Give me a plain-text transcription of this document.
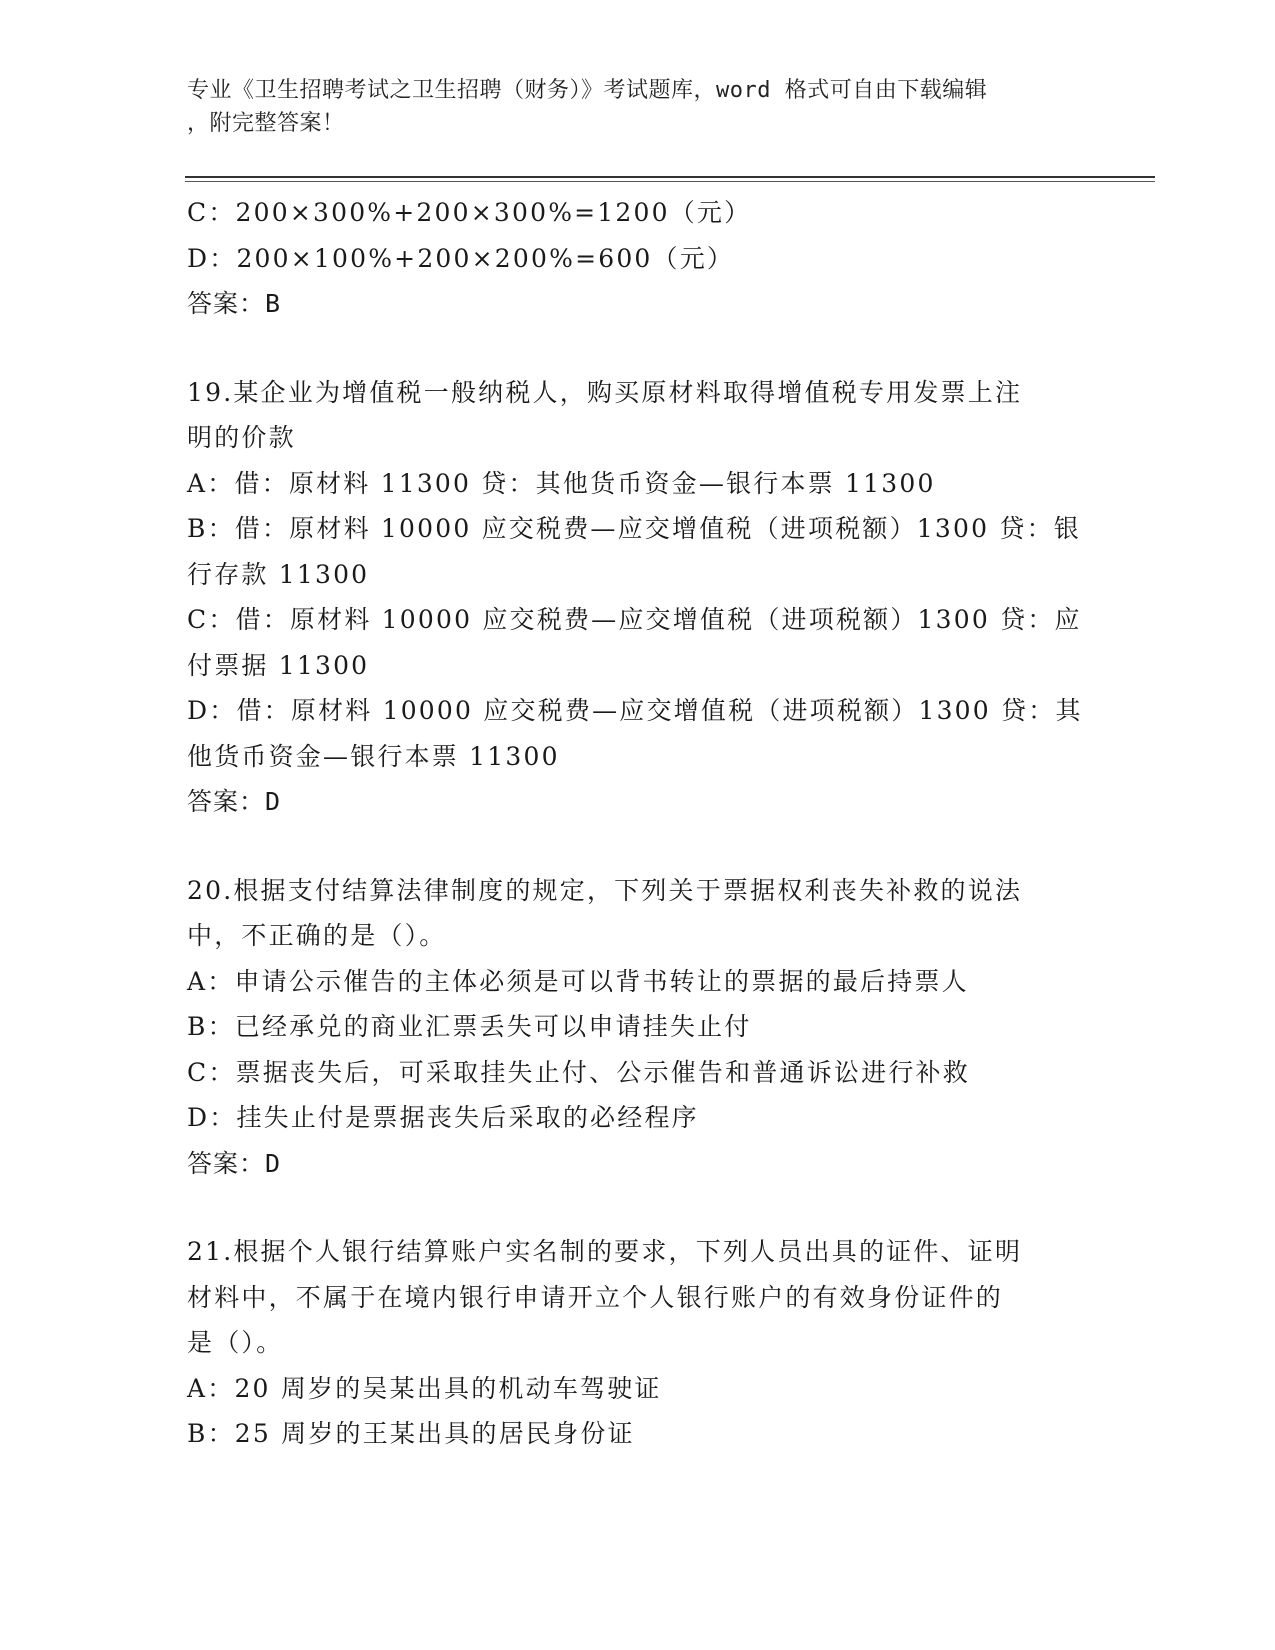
专业《卫生招聘考试之卫生招聘（财务）》考试题库，word 格式可自由下载编辑
，附完整答案！
C：200×300%+200×300%=1200（元）
D：200×100%+200×200%=600（元）
答案：B
19.某企业为增值税一般纳税人，购买原材料取得增值税专用发票上注
明的价款
A：借：原材料 11300 贷：其他货币资金—银行本票 11300
B：借：原材料 10000 应交税费—应交增值税（进项税额）1300 贷：银
行存款 11300
C：借：原材料 10000 应交税费—应交增值税（进项税额）1300 贷：应
付票据 11300
D：借：原材料 10000 应交税费—应交增值税（进项税额）1300 贷：其
他货币资金—银行本票 11300
答案：D
20.根据支付结算法律制度的规定，下列关于票据权利丧失补救的说法
中，不正确的是（）。
A：申请公示催告的主体必须是可以背书转让的票据的最后持票人
B：已经承兑的商业汇票丢失可以申请挂失止付
C：票据丧失后，可采取挂失止付、公示催告和普通诉讼进行补救
D：挂失止付是票据丧失后采取的必经程序
答案：D
21.根据个人银行结算账户实名制的要求，下列人员出具的证件、证明
材料中，不属于在境内银行申请开立个人银行账户的有效身份证件的
是（）。
A：20 周岁的吴某出具的机动车驾驶证
B：25 周岁的王某出具的居民身份证
